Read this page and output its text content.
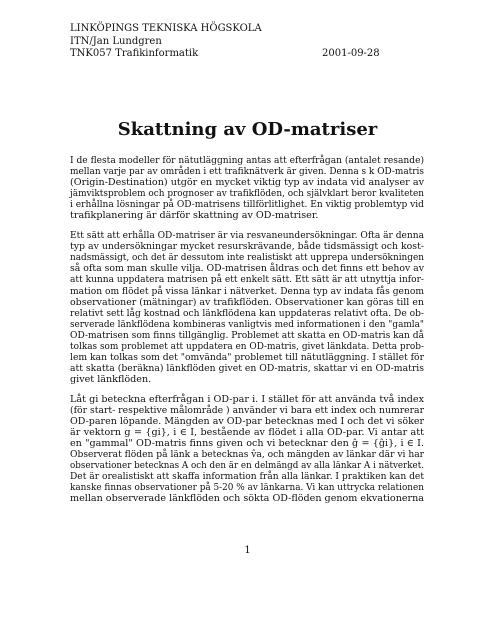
LINKÖPINGS TEKNISKA HÖGSKOLA
ITN/Jan Lundgren
TNK057 Trafikinformatik	2001-09-28
Skattning av OD-matriser

I de flesta modeller för nätutläggning antas att efterfrågan (antalet resande)
mellan varje par av områden i ett trafiknätverk är given. Denna s k OD-matris
(Origin-Destination) utgör en mycket viktig typ av indata vid analyser av
jämviktsproblem och prognoser av trafikflöden, och självklart beror kvaliteten
i erhållna lösningar på OD-matrisens tillförlitlighet. En viktig problemtyp vid
trafikplanering är därför skattning av OD-matriser.

Ett sätt att erhålla OD-matriser är via resvaneundersökningar. Ofta är denna
typ av undersökningar mycket resurskrävande, både tidsmässigt och kost-
nadsmässigt, och det är dessutom inte realistiskt att upprepa undersökningen
så ofta som man skulle vilja. OD-matrisen åldras och det finns ett behov av
att kunna uppdatera matrisen på ett enkelt sätt. Ett sätt är att utnyttja infor-
mation om flödet på vissa länkar i nätverket. Denna typ av indata fås genom
observationer (mätningar) av trafikflöden. Observationer kan göras till en
relativt sett låg kostnad och länkflödena kan uppdateras relativt ofta. De ob-
serverade länkflödena kombineras vanligtvis med informationen i den "gamla"
OD-matrisen som finns tillgänglig. Problemet att skatta en OD-matris kan då
tolkas som problemet att uppdatera en OD-matris, givet länkdata. Detta prob-
lem kan tolkas som det "omvända" problemet till nätutläggning. I stället för
att skatta (beräkna) länkflöden givet en OD-matris, skattar vi en OD-matris
givet länkflöden.

Låt gi beteckna efterfrågan i OD-par i. I stället för att använda två index
(för start- respektive målområde ) använder vi bara ett index och numrerar
OD-paren löpande. Mängden av OD-par betecknas med I och det vi söker
är vektorn g = {gi}, i ∈ I, bestående av flödet i alla OD-par. Vi antar att
en "gammal" OD-matris finns given och vi betecknar den ĝ = {ĝi}, i ∈ I.
Observerat flöden på länk a betecknas v̂a, och mängden av länkar där vi har
observationer betecknas A och den är en delmängd av alla länkar A i nätverket.
Det är orealistiskt att skaffa information från alla länkar. I praktiken kan det
kanske finnas observationer på 5-20 % av länkarna. Vi kan uttrycka relationen
mellan observerade länkflöden och sökta OD-flöden genom ekvationerna

1
